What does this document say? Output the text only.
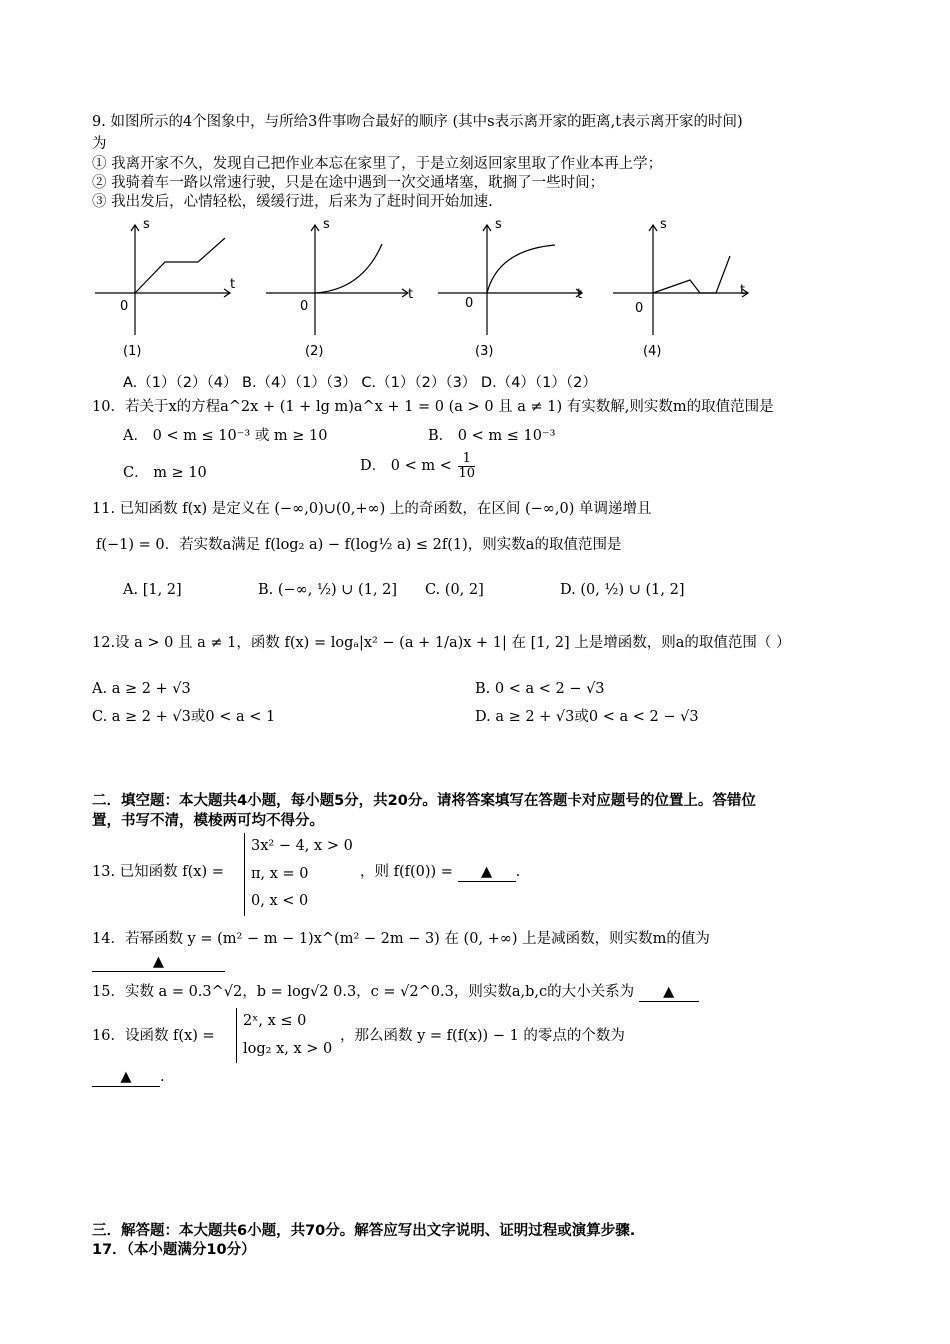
9. 如图所示的4个图象中，与所给3件事吻合最好的顺序 (其中s表示离开家的距离,t表示离开家的时间)
为
① 我离开家不久，发现自己把作业本忘在家里了，于是立刻返回家里取了作业本再上学；
② 我骑着车一路以常速行驶，只是在途中遇到一次交通堵塞，耽搁了一些时间；
③ 我出发后，心情轻松，缓缓行进，后来为了赶时间开始加速.
s
t
0
s
t
0
s
t
0
s
t
0
(1)	(2)	(3)	(4)
A.（1）（2）（4） B.（4）（1）（3） C.（1）（2）（3） D.（4）（1）（2）
10．若关于x的方程a^2x + (1 + lg m)a^x + 1 = 0 (a > 0 且 a ≠ 1) 有实数解,则实数m的取值范围是
A． 0 < m ≤ 10⁻³ 或 m ≥ 10	B． 0 < m ≤ 10⁻³
C． m ≥ 10	D． $0 < m < \frac{1}{10}$
11. 已知函数 f(x) 是定义在 (−∞,0)∪(0,+∞) 上的奇函数，在区间 (−∞,0) 单调递增且
f(−1) = 0．若实数a满足 f(log₂ a) − f(log½ a) ≤ 2f(1)，则实数a的取值范围是
A. [1, 2]	B. (−∞, ½) ∪ (1, 2] C. (0, 2]	D. (0, ½) ∪ (1, 2]
12.设 a > 0 且 a ≠ 1，函数 f(x) = logₐ|x² − (a + 1/a)x + 1| 在 [1, 2] 上是增函数，则a的取值范围（ ）
A. a ≥ 2 + √3	B. 0 < a < 2 − √3
C. a ≥ 2 + √3或0 < a < 1	D. a ≥ 2 + √3或0 < a < 2 − √3
二．填空题：本大题共4小题，每小题5分，共20分。请将答案填写在答题卡对应题号的位置上。答错位
置，书写不清，模棱两可均不得分。
13. 已知函数 f(x) =
3x² − 4, x > 0
π, x = 0
0, x < 0
，则 f(f(0)) = ▲ .
14．若幂函数 y = (m² − m − 1)x^(m² − 2m − 3) 在 (0, +∞) 上是减函数，则实数m的值为
▲
15．实数 a = 0.3^√2，b = log√2 0.3，c = √2^0.3，则实数a,b,c的大小关系为 ▲
16．设函数 f(x) =
2ˣ, x ≤ 0
log₂ x, x > 0
，那么函数 y = f(f(x)) − 1 的零点的个数为
▲ .
三．解答题：本大题共6小题，共70分。解答应写出文字说明、证明过程或演算步骤.
17．（本小题满分10分）
